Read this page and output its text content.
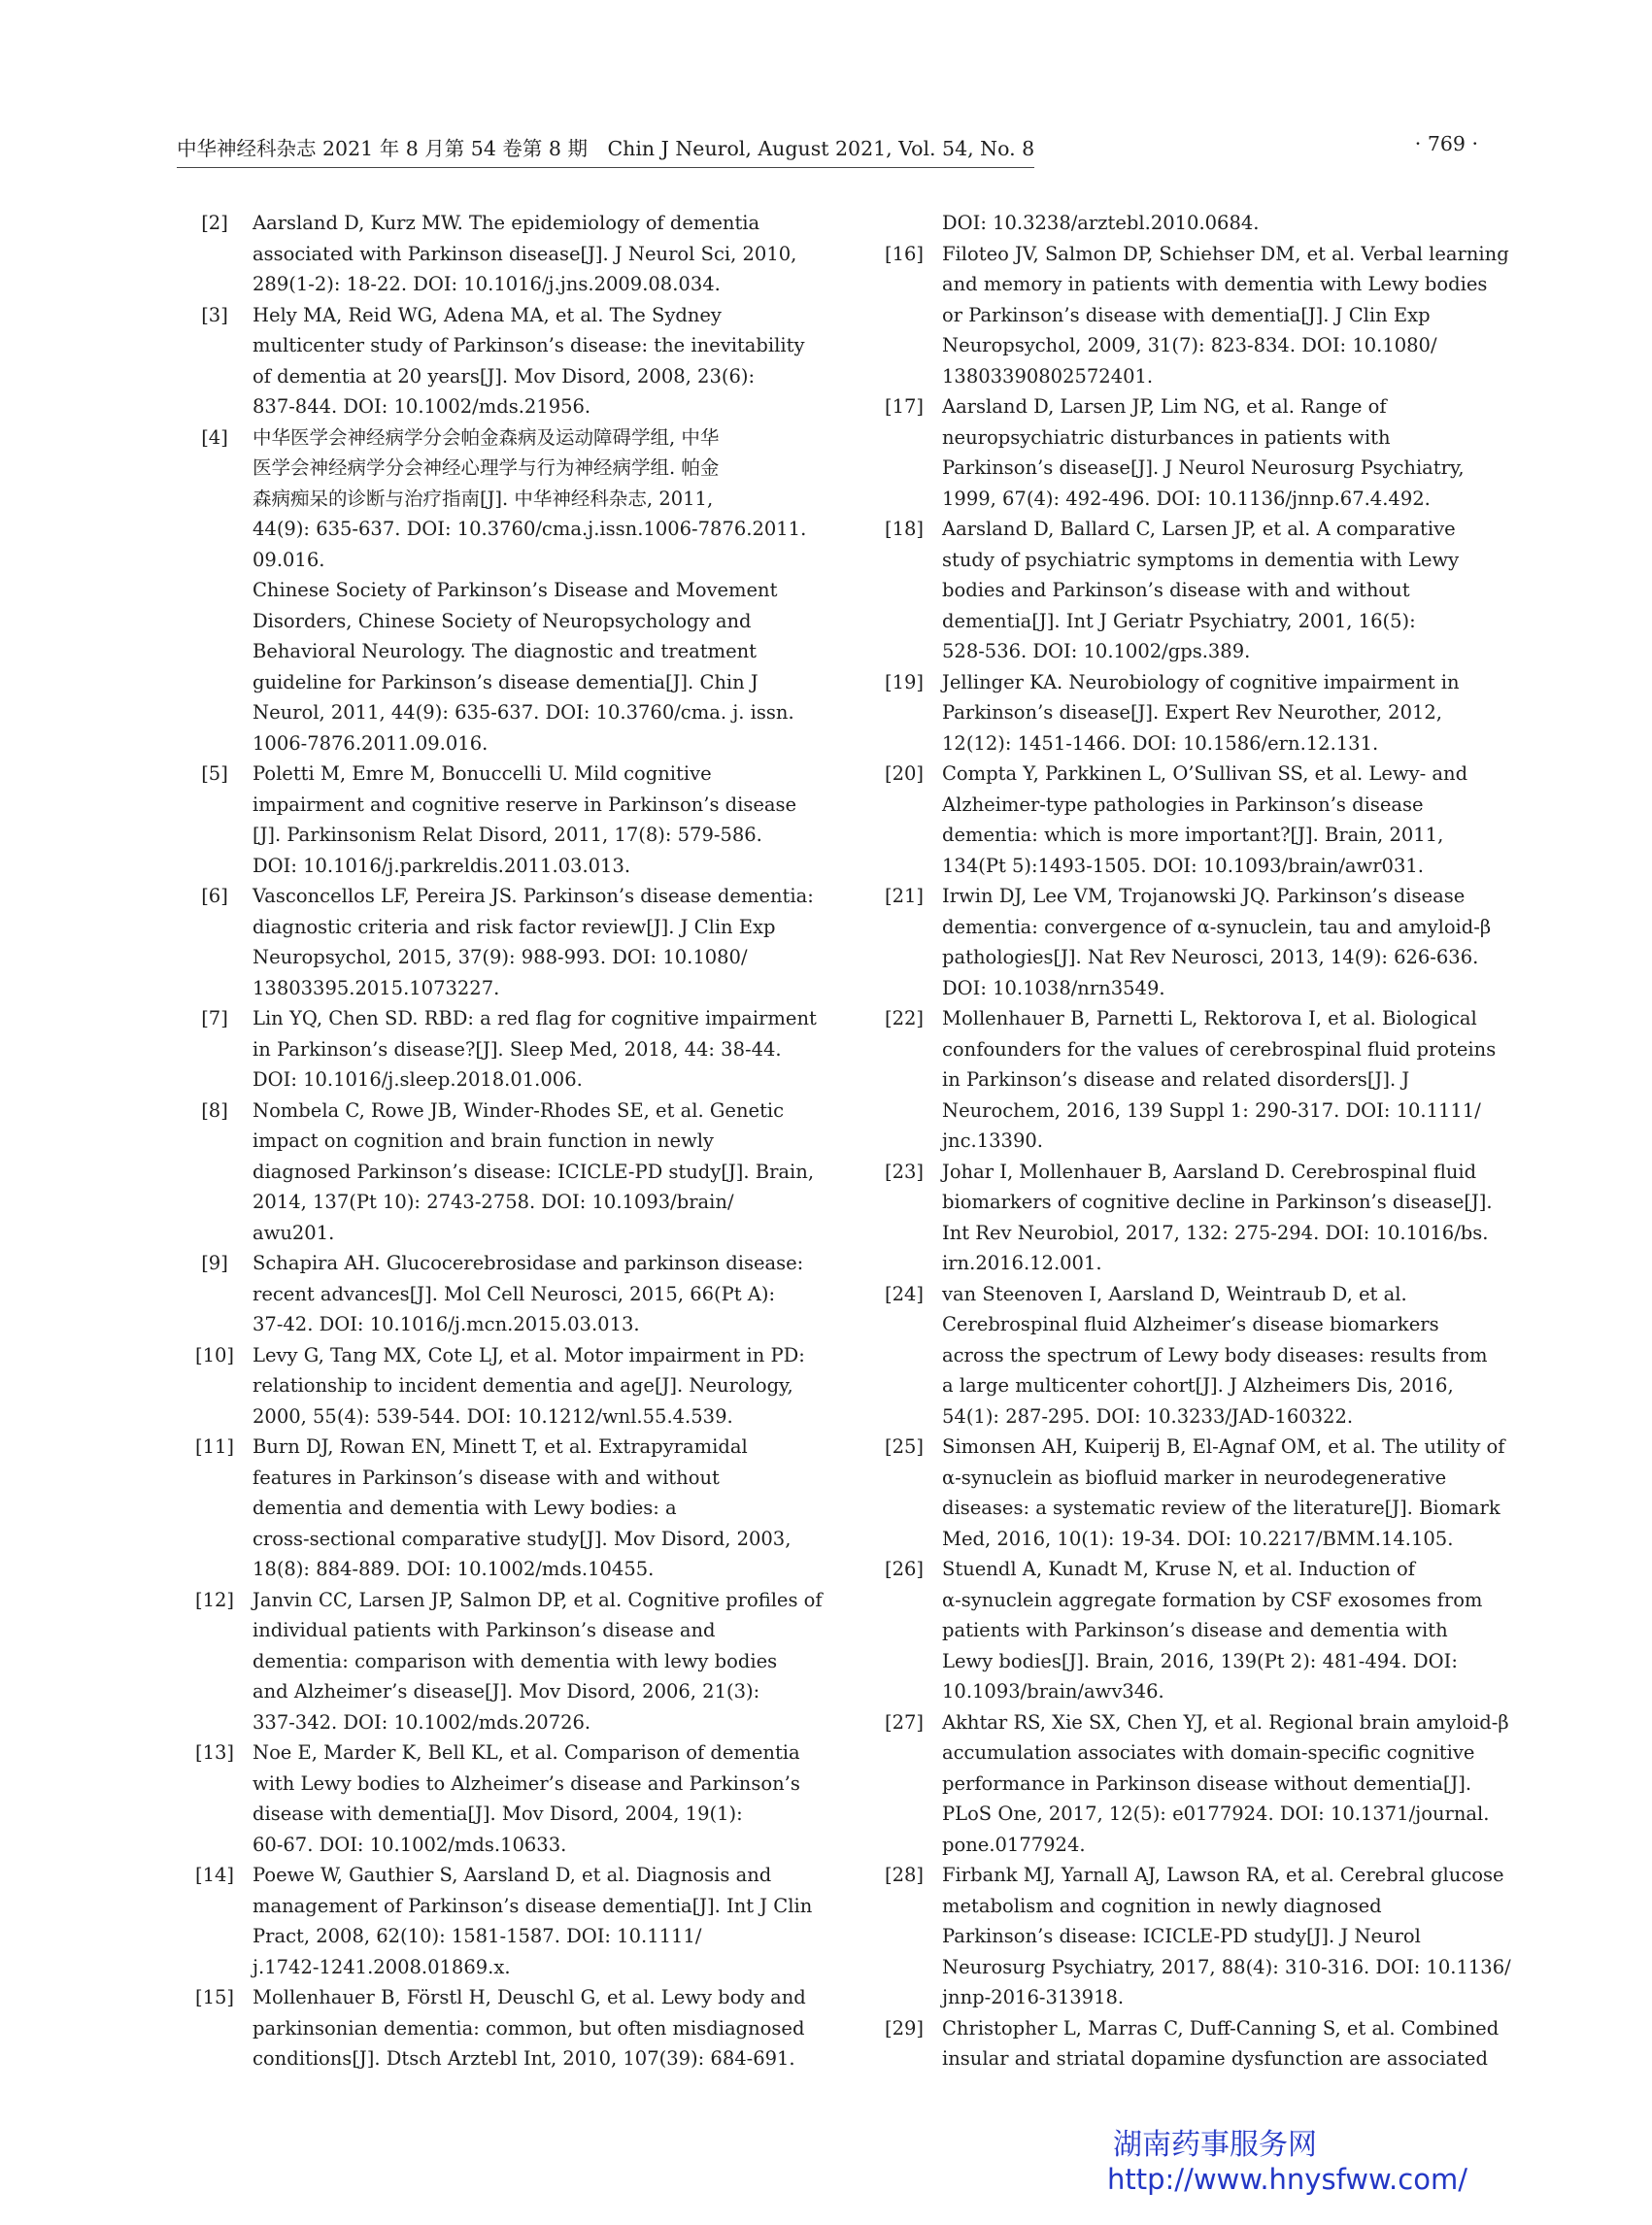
中华神经科杂志 2021 年 8 月第 54 卷第 8 期　Chin J Neurol, August 2021, Vol. 54, No. 8	· 769 ·
[2]	Aarsland D, Kurz MW. The epidemiology of dementia
associated with Parkinson disease[J]. J Neurol Sci, 2010,
289(1-2): 18-22. DOI: 10.1016/j.jns.2009.08.034.
[3]	Hely MA, Reid WG, Adena MA, et al. The Sydney
multicenter study of Parkinson’s disease: the inevitability
of dementia at 20 years[J]. Mov Disord, 2008, 23(6):
837-844. DOI: 10.1002/mds.21956.
[4]	中华医学会神经病学分会帕金森病及运动障碍学组, 中华
医学会神经病学分会神经心理学与行为神经病学组. 帕金
森病痴呆的诊断与治疗指南[J]. 中华神经科杂志, 2011,
44(9): 635-637. DOI: 10.3760/cma.j.issn.1006-7876.2011.
09.016.
Chinese Society of Parkinson’s Disease and Movement
Disorders, Chinese Society of Neuropsychology and
Behavioral Neurology. The diagnostic and treatment
guideline for Parkinson’s disease dementia[J]. Chin J
Neurol, 2011, 44(9): 635-637. DOI: 10.3760/cma. j. issn.
1006-7876.2011.09.016.
[5]	Poletti M, Emre M, Bonuccelli U. Mild cognitive
impairment and cognitive reserve in Parkinson’s disease
[J]. Parkinsonism Relat Disord, 2011, 17(8): 579-586.
DOI: 10.1016/j.parkreldis.2011.03.013.
[6]	Vasconcellos LF, Pereira JS. Parkinson’s disease dementia:
diagnostic criteria and risk factor review[J]. J Clin Exp
Neuropsychol, 2015, 37(9): 988-993. DOI: 10.1080/
13803395.2015.1073227.
[7]	Lin YQ, Chen SD. RBD: a red flag for cognitive impairment
in Parkinson’s disease?[J]. Sleep Med, 2018, 44: 38-44.
DOI: 10.1016/j.sleep.2018.01.006.
[8]	Nombela C, Rowe JB, Winder-Rhodes SE, et al. Genetic
impact on cognition and brain function in newly
diagnosed Parkinson’s disease: ICICLE-PD study[J]. Brain,
2014, 137(Pt 10): 2743-2758. DOI: 10.1093/brain/
awu201.
[9]	Schapira AH. Glucocerebrosidase and parkinson disease:
recent advances[J]. Mol Cell Neurosci, 2015, 66(Pt A):
37-42. DOI: 10.1016/j.mcn.2015.03.013.
[10] Levy G, Tang MX, Cote LJ, et al. Motor impairment in PD:
relationship to incident dementia and age[J]. Neurology,
2000, 55(4): 539-544. DOI: 10.1212/wnl.55.4.539.
[11] Burn DJ, Rowan EN, Minett T, et al. Extrapyramidal
features in Parkinson’s disease with and without
dementia and dementia with Lewy bodies: a
cross-sectional comparative study[J]. Mov Disord, 2003,
18(8): 884-889. DOI: 10.1002/mds.10455.
[12] Janvin CC, Larsen JP, Salmon DP, et al. Cognitive profiles of
individual patients with Parkinson’s disease and
dementia: comparison with dementia with lewy bodies
and Alzheimer’s disease[J]. Mov Disord, 2006, 21(3):
337-342. DOI: 10.1002/mds.20726.
[13] Noe E, Marder K, Bell KL, et al. Comparison of dementia
with Lewy bodies to Alzheimer’s disease and Parkinson’s
disease with dementia[J]. Mov Disord, 2004, 19(1):
60-67. DOI: 10.1002/mds.10633.
[14] Poewe W, Gauthier S, Aarsland D, et al. Diagnosis and
management of Parkinson’s disease dementia[J]. Int J Clin
Pract, 2008, 62(10): 1581-1587. DOI: 10.1111/
j.1742-1241.2008.01869.x.
[15] Mollenhauer B, Förstl H, Deuschl G, et al. Lewy body and
parkinsonian dementia: common, but often misdiagnosed
conditions[J]. Dtsch Arztebl Int, 2010, 107(39): 684-691.
DOI: 10.3238/arztebl.2010.0684.
[16] Filoteo JV, Salmon DP, Schiehser DM, et al. Verbal learning
and memory in patients with dementia with Lewy bodies
or Parkinson’s disease with dementia[J]. J Clin Exp
Neuropsychol, 2009, 31(7): 823-834. DOI: 10.1080/
13803390802572401.
[17] Aarsland D, Larsen JP, Lim NG, et al. Range of
neuropsychiatric disturbances in patients with
Parkinson’s disease[J]. J Neurol Neurosurg Psychiatry,
1999, 67(4): 492-496. DOI: 10.1136/jnnp.67.4.492.
[18] Aarsland D, Ballard C, Larsen JP, et al. A comparative
study of psychiatric symptoms in dementia with Lewy
bodies and Parkinson’s disease with and without
dementia[J]. Int J Geriatr Psychiatry, 2001, 16(5):
528-536. DOI: 10.1002/gps.389.
[19] Jellinger KA. Neurobiology of cognitive impairment in
Parkinson’s disease[J]. Expert Rev Neurother, 2012,
12(12): 1451-1466. DOI: 10.1586/ern.12.131.
[20] Compta Y, Parkkinen L, O’Sullivan SS, et al. Lewy- and
Alzheimer-type pathologies in Parkinson’s disease
dementia: which is more important?[J]. Brain, 2011,
134(Pt 5):1493-1505. DOI: 10.1093/brain/awr031.
[21] Irwin DJ, Lee VM, Trojanowski JQ. Parkinson’s disease
dementia: convergence of α-synuclein, tau and amyloid-β
pathologies[J]. Nat Rev Neurosci, 2013, 14(9): 626-636.
DOI: 10.1038/nrn3549.
[22] Mollenhauer B, Parnetti L, Rektorova I, et al. Biological
confounders for the values of cerebrospinal fluid proteins
in Parkinson’s disease and related disorders[J]. J
Neurochem, 2016, 139 Suppl 1: 290-317. DOI: 10.1111/
jnc.13390.
[23] Johar I, Mollenhauer B, Aarsland D. Cerebrospinal fluid
biomarkers of cognitive decline in Parkinson’s disease[J].
Int Rev Neurobiol, 2017, 132: 275-294. DOI: 10.1016/bs.
irn.2016.12.001.
[24] van Steenoven I, Aarsland D, Weintraub D, et al.
Cerebrospinal fluid Alzheimer’s disease biomarkers
across the spectrum of Lewy body diseases: results from
a large multicenter cohort[J]. J Alzheimers Dis, 2016,
54(1): 287-295. DOI: 10.3233/JAD-160322.
[25] Simonsen AH, Kuiperij B, El-Agnaf OM, et al. The utility of
α-synuclein as biofluid marker in neurodegenerative
diseases: a systematic review of the literature[J]. Biomark
Med, 2016, 10(1): 19-34. DOI: 10.2217/BMM.14.105.
[26] Stuendl A, Kunadt M, Kruse N, et al. Induction of
α-synuclein aggregate formation by CSF exosomes from
patients with Parkinson’s disease and dementia with
Lewy bodies[J]. Brain, 2016, 139(Pt 2): 481-494. DOI:
10.1093/brain/awv346.
[27] Akhtar RS, Xie SX, Chen YJ, et al. Regional brain amyloid-β
accumulation associates with domain-specific cognitive
performance in Parkinson disease without dementia[J].
PLoS One, 2017, 12(5): e0177924. DOI: 10.1371/journal.
pone.0177924.
[28] Firbank MJ, Yarnall AJ, Lawson RA, et al. Cerebral glucose
metabolism and cognition in newly diagnosed
Parkinson’s disease: ICICLE-PD study[J]. J Neurol
Neurosurg Psychiatry, 2017, 88(4): 310-316. DOI: 10.1136/
jnnp-2016-313918.
[29] Christopher L, Marras C, Duff-Canning S, et al. Combined
insular and striatal dopamine dysfunction are associated
湖南药事服务网
http://www.hnysfww.com/
